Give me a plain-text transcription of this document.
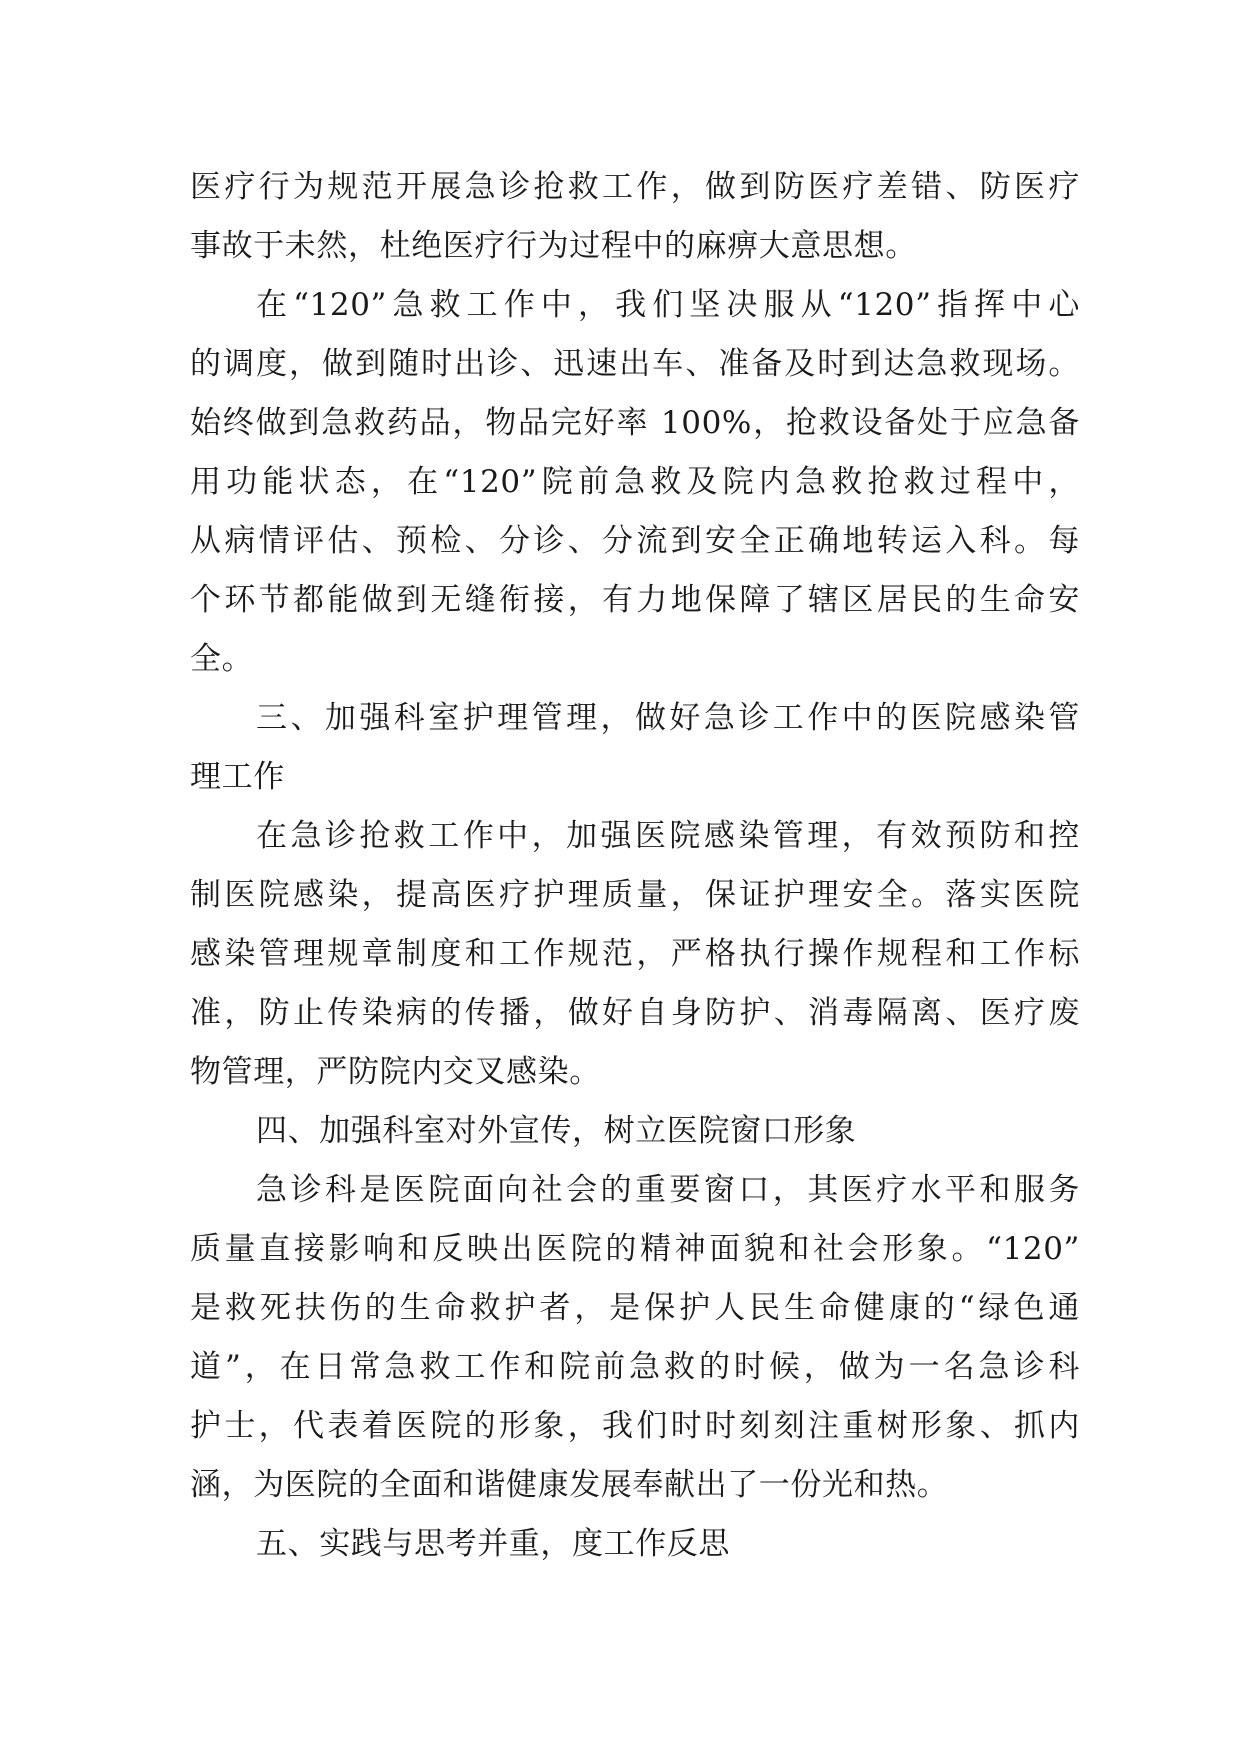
医疗行为规范开展急诊抢救工作，做到防医疗差错、防医疗
事故于未然，杜绝医疗行为过程中的麻痹大意思想。
在“120”急救工作中，我们坚决服从“120”指挥中心
的调度，做到随时出诊、迅速出车、准备及时到达急救现场。
始终做到急救药品，物品完好率 100%，抢救设备处于应急备
用功能状态，在“120”院前急救及院内急救抢救过程中，
从病情评估、预检、分诊、分流到安全正确地转运入科。每
个环节都能做到无缝衔接，有力地保障了辖区居民的生命安
全。
三、加强科室护理管理，做好急诊工作中的医院感染管
理工作
在急诊抢救工作中，加强医院感染管理，有效预防和控
制医院感染，提高医疗护理质量，保证护理安全。落实医院
感染管理规章制度和工作规范，严格执行操作规程和工作标
准，防止传染病的传播，做好自身防护、消毒隔离、医疗废
物管理，严防院内交叉感染。
四、加强科室对外宣传，树立医院窗口形象
急诊科是医院面向社会的重要窗口，其医疗水平和服务
质量直接影响和反映出医院的精神面貌和社会形象。“120”
是救死扶伤的生命救护者，是保护人民生命健康的“绿色通
道”，在日常急救工作和院前急救的时候，做为一名急诊科
护士，代表着医院的形象，我们时时刻刻注重树形象、抓内
涵，为医院的全面和谐健康发展奉献出了一份光和热。
五、实践与思考并重，度工作反思
